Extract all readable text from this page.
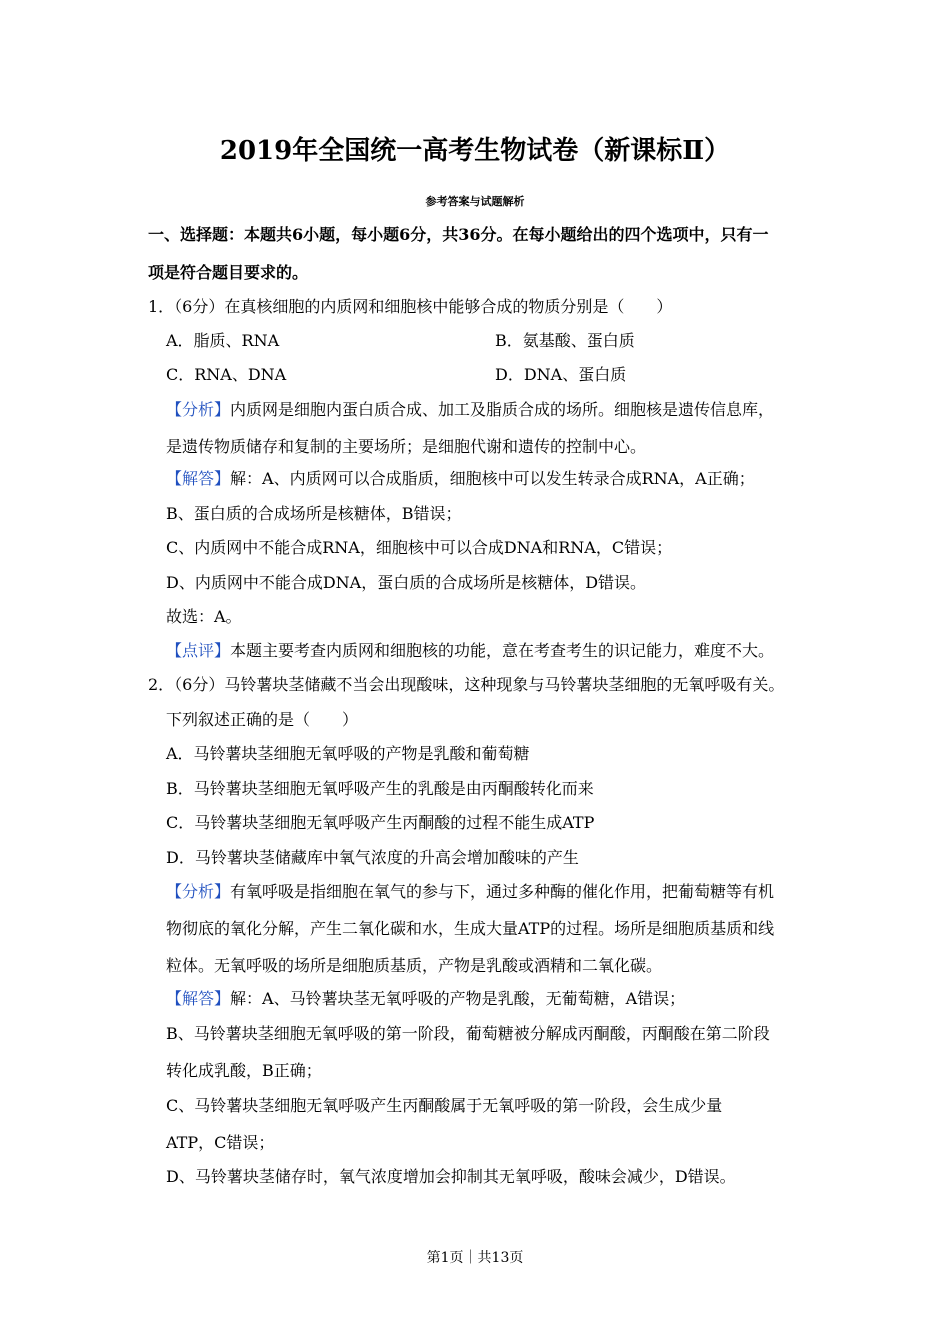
2019年全国统一高考生物试卷（新课标Ⅱ）
参考答案与试题解析
一、选择题：本题共6小题，每小题6分，共36分。在每小题给出的四个选项中，只有一
项是符合题目要求的。
1．（6分）在真核细胞的内质网和细胞核中能够合成的物质分别是（　　）
A．脂质、RNA	B．氨基酸、蛋白质
C．RNA、DNA	D．DNA、蛋白质
【分析】内质网是细胞内蛋白质合成、加工及脂质合成的场所。细胞核是遗传信息库，
是遗传物质储存和复制的主要场所；是细胞代谢和遗传的控制中心。
【解答】解：A、内质网可以合成脂质，细胞核中可以发生转录合成RNA，A正确；
B、蛋白质的合成场所是核糖体，B错误；
C、内质网中不能合成RNA，细胞核中可以合成DNA和RNA，C错误；
D、内质网中不能合成DNA，蛋白质的合成场所是核糖体，D错误。
故选：A。
【点评】本题主要考查内质网和细胞核的功能，意在考查考生的识记能力，难度不大。
2．（6分）马铃薯块茎储藏不当会出现酸味，这种现象与马铃薯块茎细胞的无氧呼吸有关。
下列叙述正确的是（　　）
A．马铃薯块茎细胞无氧呼吸的产物是乳酸和葡萄糖
B．马铃薯块茎细胞无氧呼吸产生的乳酸是由丙酮酸转化而来
C．马铃薯块茎细胞无氧呼吸产生丙酮酸的过程不能生成ATP
D．马铃薯块茎储藏库中氧气浓度的升高会增加酸味的产生
【分析】有氧呼吸是指细胞在氧气的参与下，通过多种酶的催化作用，把葡萄糖等有机
物彻底的氧化分解，产生二氧化碳和水，生成大量ATP的过程。场所是细胞质基质和线
粒体。无氧呼吸的场所是细胞质基质，产物是乳酸或酒精和二氧化碳。
【解答】解：A、马铃薯块茎无氧呼吸的产物是乳酸，无葡萄糖，A错误；
B、马铃薯块茎细胞无氧呼吸的第一阶段，葡萄糖被分解成丙酮酸，丙酮酸在第二阶段
转化成乳酸，B正确；
C、马铃薯块茎细胞无氧呼吸产生丙酮酸属于无氧呼吸的第一阶段，会生成少量
ATP，C错误；
D、马铃薯块茎储存时，氧气浓度增加会抑制其无氧呼吸，酸味会减少，D错误。
第1页｜共13页
